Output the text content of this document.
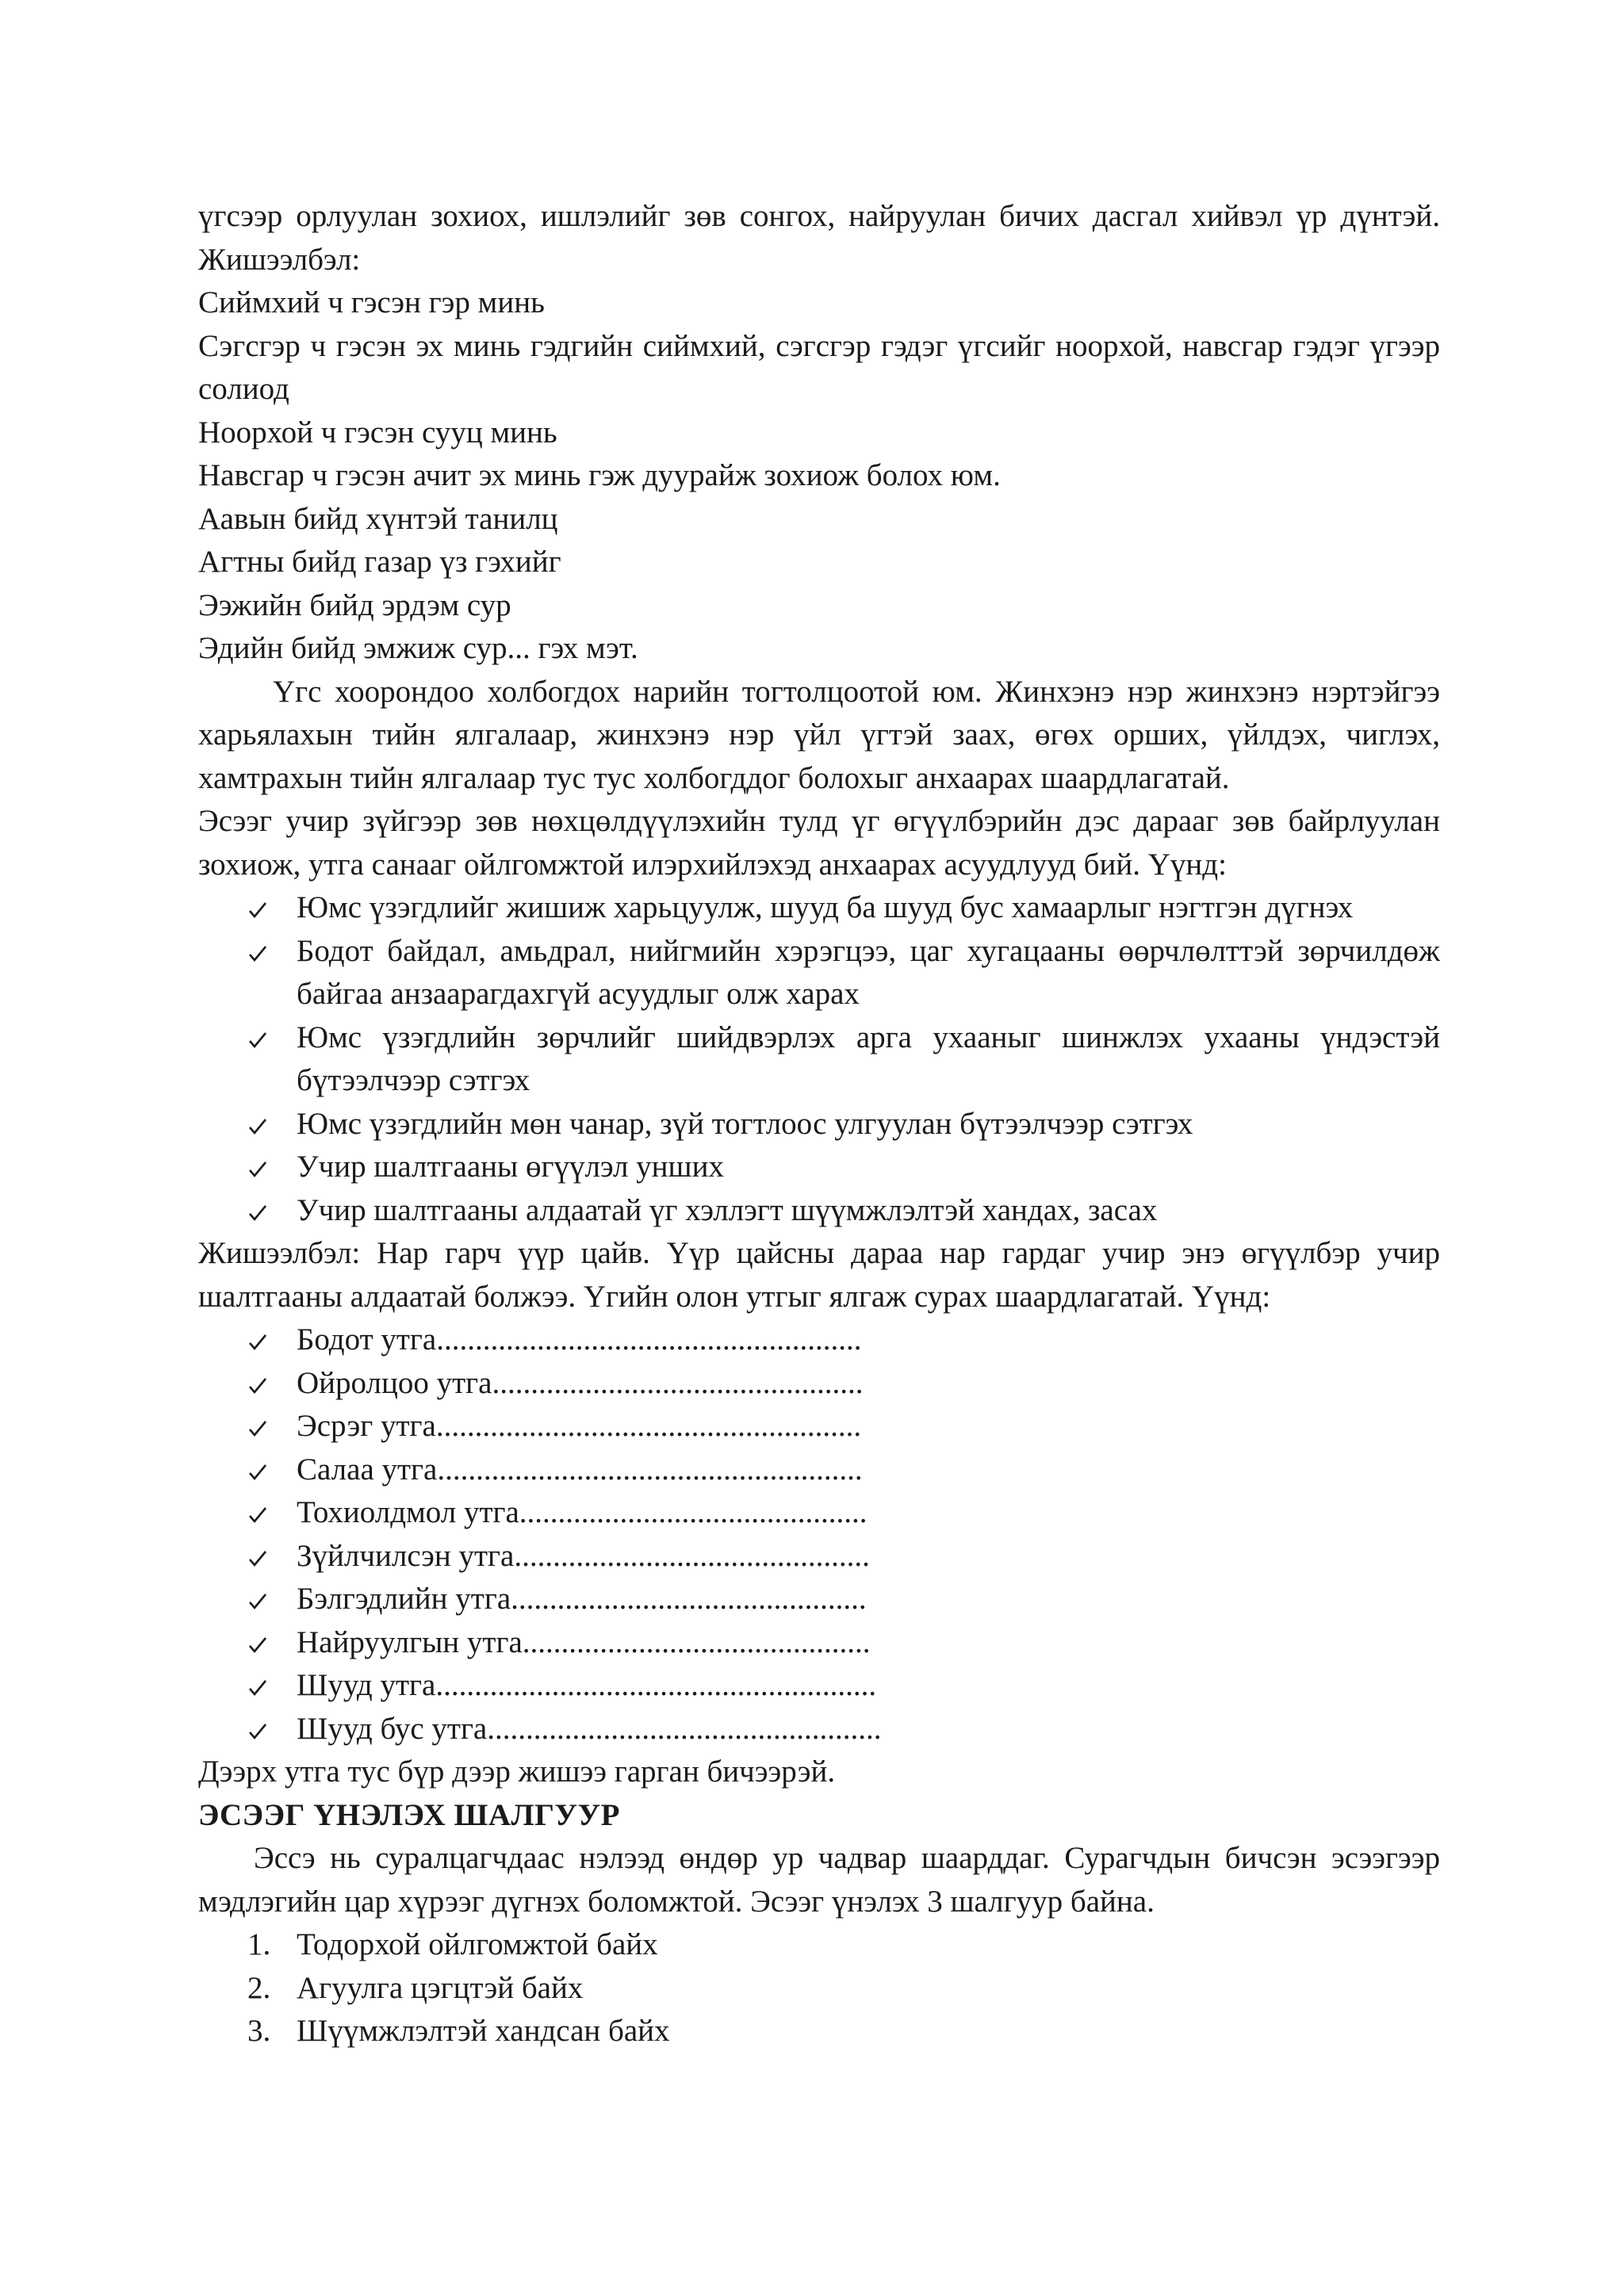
үгсээр орлуулан зохиох, ишлэлийг зөв сонгох, найруулан бичих дасгал хийвэл үр дүнтэй. Жишээлбэл:

Сиймхий ч гэсэн гэр минь

Сэгсгэр ч гэсэн эх минь гэдгийн сиймхий, сэгсгэр гэдэг үгсийг ноорхой, навсгар гэдэг үгээр солиод

Ноорхой ч гэсэн сууц минь

Навсгар ч гэсэн ачит эх минь гэж дуурайж зохиож болох юм.

Аавын бийд хүнтэй танилц

Агтны бийд газар үз гэхийг

Ээжийн бийд эрдэм сур

Эдийн бийд эмжиж сур... гэх мэт.

Үгс хоорондоо холбогдох нарийн тогтолцоотой юм. Жинхэнэ нэр жинхэнэ нэртэйгээ харьялахын тийн ялгалаар, жинхэнэ нэр үйл үгтэй заах, өгөх орших, үйлдэх, чиглэх, хамтрахын тийн ялгалаар тус тус холбогддог болохыг анхаарах шаардлагатай.

Эсээг учир зүйгээр зөв нөхцөлдүүлэхийн тулд үг өгүүлбэрийн дэс дарааг зөв байрлуулан зохиож, утга санааг ойлгомжтой илэрхийлэхэд анхаарах асуудлууд бий. Үүнд:

Юмс үзэгдлийг жишиж харьцуулж, шууд ба шууд бус хамаарлыг нэгтгэн дүгнэх
Бодот байдал, амьдрал, нийгмийн хэрэгцээ, цаг хугацааны өөрчлөлттэй зөрчилдөж байгаа анзаарагдахгүй асуудлыг олж харах
Юмс үзэгдлийн зөрчлийг шийдвэрлэх арга ухааныг шинжлэх ухааны үндэстэй бүтээлчээр сэтгэх
Юмс үзэгдлийн мөн чанар, зүй тогтлоос улгуулан бүтээлчээр сэтгэх
Учир шалтгааны өгүүлэл унших
Учир шалтгааны алдаатай үг хэллэгт шүүмжлэлтэй хандах, засах

Жишээлбэл: Нар гарч үүр цайв. Үүр цайсны дараа нар гардаг учир энэ өгүүлбэр учир шалтгааны алдаатай болжээ. Үгийн олон утгыг ялгаж сурах шаардлагатай. Үүнд:

Бодот утга.......................................................
Ойролцоо утга................................................
Эсрэг утга.......................................................
Салаа утга.......................................................
Тохиолдмол утга.............................................
Зүйлчилсэн утга..............................................
Бэлгэдлийн утга..............................................
Найруулгын утга.............................................
Шууд утга.........................................................
Шууд бус утга...................................................

Дээрх утга тус бүр дээр жишээ гарган бичээрэй.

ЭСЭЭГ ҮНЭЛЭХ ШАЛГУУР

Эссэ нь суралцагчдаас нэлээд өндөр ур чадвар шаарддаг. Сурагчдын бичсэн эсээгээр мэдлэгийн цар хүрээг дүгнэх боломжтой. Эсээг үнэлэх 3 шалгуур байна.

1. Тодорхой ойлгомжтой байх
2. Агуулга цэгцтэй байх
3. Шүүмжлэлтэй хандсан байх
